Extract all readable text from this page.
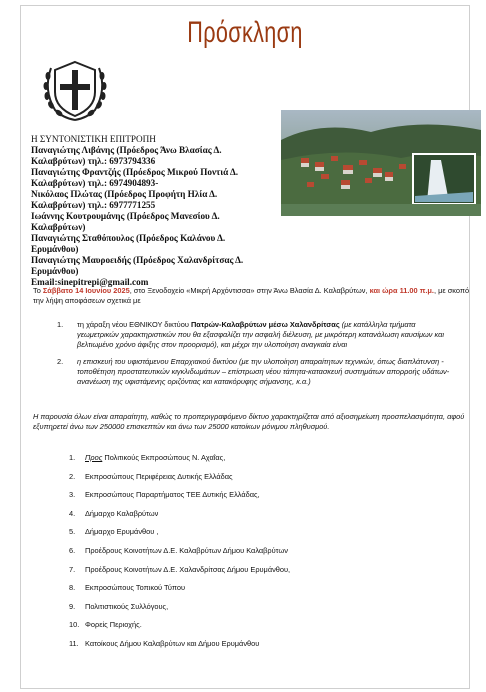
Πρόσκληση
Η ΣΥΝΤΟΝΙΣΤΙΚΗ ΕΠΙΤΡΟΠΗ
Παναγιώτης Λιβάνης (Πρόεδρος Άνω Βλασίας Δ.
Καλαβρύτων) τηλ.: 6973794336
Παναγιώτης Φραντζής (Πρόεδρος Μικρού Ποντιά Δ.
Καλαβρύτων) τηλ.: 6974904893-
Νικόλαος Πλώτας (Πρόεδρος Προφήτη Ηλία Δ.
Καλαβρύτων) τηλ.: 6977771255
Ιωάννης Κουτρουμάνης (Πρόεδρος Μανεσίου Δ.
Καλαβρύτων)
Παναγιώτης Σταθόπουλος (Πρόεδρος Καλάνου Δ.
Ερυμάνθου)
Παναγιώτης Μαυροειδής (Πρόεδρος Χαλανδρίτσας Δ. Ερυμάνθου)
Email:sinepitrepi@gmail.com
Το Σάββατο 14 Ιουνίου 2025, στο Ξενοδοχείο «Μικρή Αρχόντισσα» στην Άνω Βλασία Δ. Καλαβρύτων, και ώρα 11.00 π.μ., με σκοπό την λήψη αποφάσεων σχετικά με
1.	τη χάραξη νέου ΕΘΝΙΚΟΥ δικτύου Πατρών-Καλαβρύτων μέσω Χαλανδρίτσας (με κατάλληλα τμήματα γεωμετρικών χαρακτηριστικών που θα εξασφαλίζει την ασφαλή διέλευση, με μικρότερη κατανάλωση καυσίμων και βελτιωμένο χρόνο άφιξης στον προορισμό), και μέχρι την υλοποίηση αναγκαία είναι
2.	η επισκευή του υφιστάμενου Επαρχιακού δικτύου (με την υλοποίηση απαραίτητων τεχνικών, όπως διαπλάτυνση - τοποθέτηση προστατευτικών κιγκλιδωμάτων – επίστρωση νέου τάπητα-κατασκευή συστημάτων απορροής υδάτων-ανανέωση της υφιστάμενης οριζόντιας και κατακόρυφης σήμανσης, κ.α.)
Η παρουσία όλων είναι απαραίτητη, καθώς το προπεριγραφόμενο δίκτυο χαρακτηρίζεται από αξιοσημείωτη προσπελασιμότητα, αφού εξυπηρετεί άνω των 250000 επισκεπτών και άνω των 25000 κατοίκων μόνιμου πληθυσμού.
1.	Προς Πολιτικούς Εκπροσώπους Ν. Αχαΐας,
2.	Εκπροσώπους Περιφέρειας Δυτικής Ελλάδας
3.	Εκπροσώπους Παραρτήματος ΤΕΕ Δυτικής Ελλάδας,
4.	Δήμαρχο Καλαβρύτων
5.	Δήμαρχο Ερυμάνθου ,
6.	Προέδρους Κοινοτήτων Δ.Ε. Καλαβρύτων Δήμου Καλαβρύτων
7.	Προέδρους Κοινοτήτων Δ.Ε. Χαλανδρίτσας Δήμου Ερυμάνθου,
8.	Εκπροσώπους Τοπικού Τύπου
9.	Πολιτιστικούς Συλλόγους,
10. Φορείς Περιοχής.
11. Κατοίκους Δήμου Καλαβρύτων και Δήμου Ερυμάνθου
